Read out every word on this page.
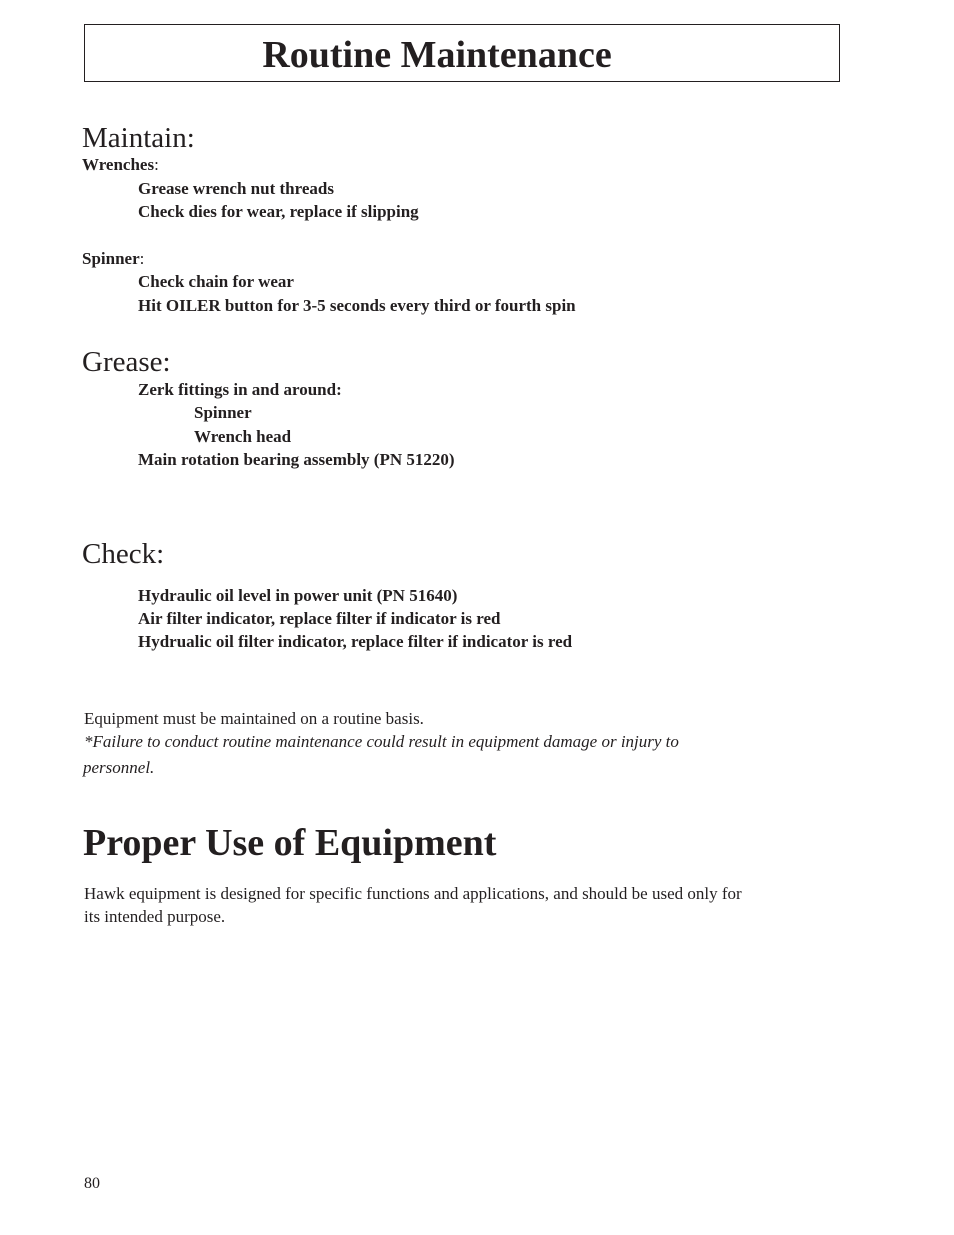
Routine Maintenance
Maintain:
Wrenches:
Grease wrench nut threads
Check dies for wear, replace if slipping
Spinner:
Check chain for wear
Hit OILER button for 3-5 seconds every third or fourth spin
Grease:
Zerk fittings in and around:
Spinner
Wrench head
Main rotation bearing assembly (PN 51220)
Check:
Hydraulic oil level in power unit (PN 51640)
Air filter indicator, replace filter if indicator is red
Hydrualic oil filter indicator, replace filter if indicator is red
Equipment must be maintained on a routine basis.
*Failure to conduct routine maintenance could result in equipment damage or injury to
personnel.
Proper Use of Equipment
Hawk equipment is designed for specific functions and applications, and should be used only for
its intended purpose.
80
